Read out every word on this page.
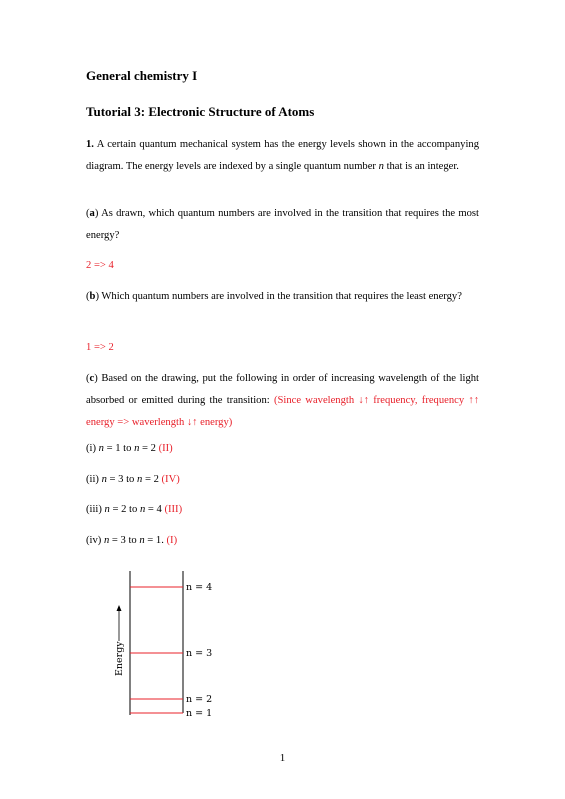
General chemistry I
Tutorial 3: Electronic Structure of Atoms
1. A certain quantum mechanical system has the energy levels shown in the accompanying diagram. The energy levels are indexed by a single quantum number n that is an integer.
(a) As drawn, which quantum numbers are involved in the transition that requires the most energy?
2 => 4
(b) Which quantum numbers are involved in the transition that requires the least energy?
1 => 2
(c) Based on the drawing, put the following in order of increasing wavelength of the light absorbed or emitted during the transition: (Since wavelength ↓↑ frequency, frequency ↑↑ energy => waverlength ↓↑ energy)
(i) n = 1 to n = 2 (II)
(ii) n = 3 to n = 2 (IV)
(iii) n = 2 to n = 4 (III)
(iv) n = 3 to n = 1. (I)
n = 4
n = 3
n = 2
n = 1
Energy
1
